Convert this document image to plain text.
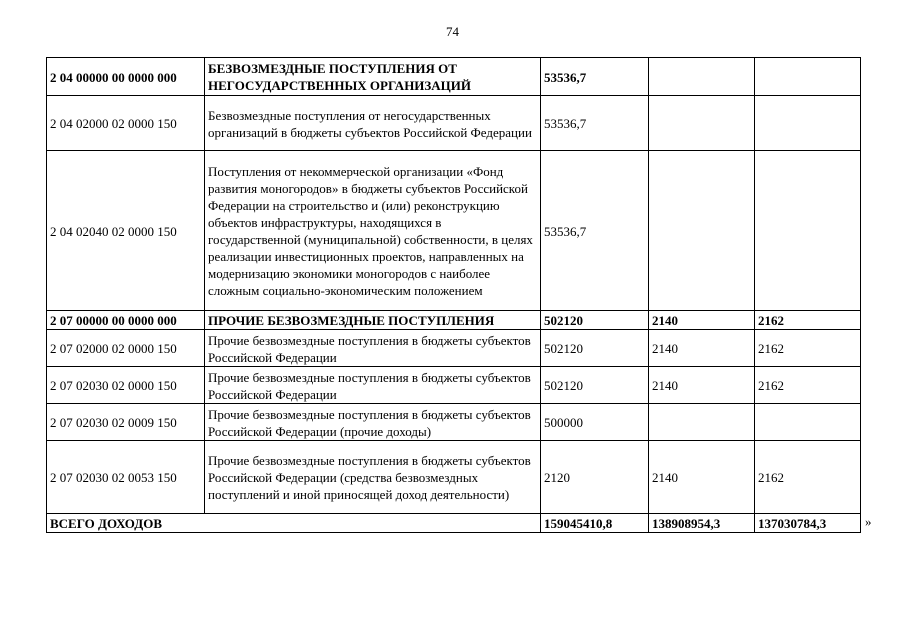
74
2 04 00000 00 0000 000	БЕЗВОЗМЕЗДНЫЕ ПОСТУПЛЕНИЯ ОТ НЕГОСУДАРСТВЕННЫХ ОРГАНИЗАЦИЙ	53536,7		
2 04 02000 02 0000 150	Безвозмездные поступления от негосударственных организаций в бюджеты субъектов Российской Федерации	53536,7		
2 04 02040 02 0000 150	Поступления от некоммерческой организации «Фонд развития моногородов» в бюджеты субъектов Российской Федерации на строительство и (или) реконструкцию объектов инфраструктуры, находящихся в государственной (муниципальной) собственности, в целях реализации инвестиционных проектов, направленных на модернизацию экономики моногородов с наиболее сложным социально-экономическим положением	53536,7		
2 07 00000 00 0000 000	ПРОЧИЕ БЕЗВОЗМЕЗДНЫЕ ПОСТУПЛЕНИЯ	502120	2140	2162
2 07 02000 02 0000 150	Прочие безвозмездные поступления в бюджеты субъектов Российской Федерации	502120	2140	2162
2 07 02030 02 0000 150	Прочие безвозмездные поступления в бюджеты субъектов Российской Федерации	502120	2140	2162
2 07 02030 02 0009 150	Прочие безвозмездные поступления в бюджеты субъектов Российской Федерации (прочие доходы)	500000		
2 07 02030 02 0053 150	Прочие безвозмездные поступления в бюджеты субъектов Российской Федерации (средства безвозмездных поступлений и иной приносящей доход деятельности)	2120	2140	2162
ВСЕГО ДОХОДОВ		159045410,8	138908954,3	137030784,3	»
